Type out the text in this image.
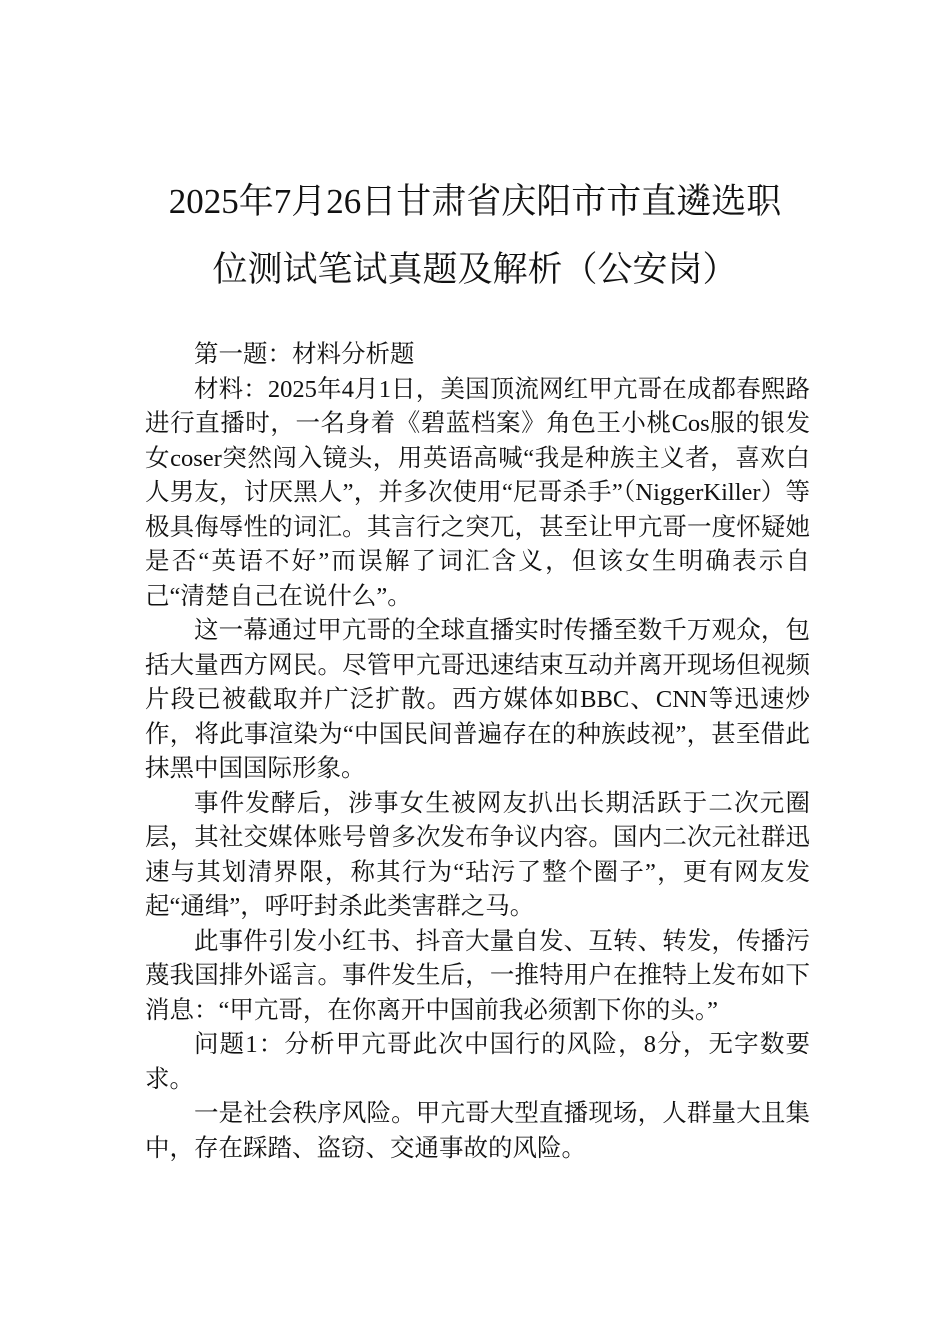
2025年7月26日甘肃省庆阳市市直遴选职
位测试笔试真题及解析（公安岗）

第一题：材料分析题

材料：2025年4月1日，美国顶流网红甲亢哥在成都春熙路进行直播时，一名身着《碧蓝档案》角色王小桃Cos服的银发女coser突然闯入镜头，用英语高喊“我是种族主义者，喜欢白人男友，讨厌黑人”，并多次使用“尼哥杀手”（NiggerKiller）等极具侮辱性的词汇。其言行之突兀，甚至让甲亢哥一度怀疑她是否“英语不好”而误解了词汇含义，但该女生明确表示自己“清楚自己在说什么”。

这一幕通过甲亢哥的全球直播实时传播至数千万观众，包括大量西方网民。尽管甲亢哥迅速结束互动并离开现场但视频片段已被截取并广泛扩散。西方媒体如BBC、CNN等迅速炒作，将此事渲染为“中国民间普遍存在的种族歧视”，甚至借此抹黑中国国际形象。

事件发酵后，涉事女生被网友扒出长期活跃于二次元圈层，其社交媒体账号曾多次发布争议内容。国内二次元社群迅速与其划清界限，称其行为“玷污了整个圈子”，更有网友发起“通缉”，呼吁封杀此类害群之马。

此事件引发小红书、抖音大量自发、互转、转发，传播污蔑我国排外谣言。事件发生后，一推特用户在推特上发布如下消息：“甲亢哥，在你离开中国前我必须割下你的头。”

问题1：分析甲亢哥此次中国行的风险，8分，无字数要求。

一是社会秩序风险。甲亢哥大型直播现场，人群量大且集中，存在踩踏、盗窃、交通事故的风险。
